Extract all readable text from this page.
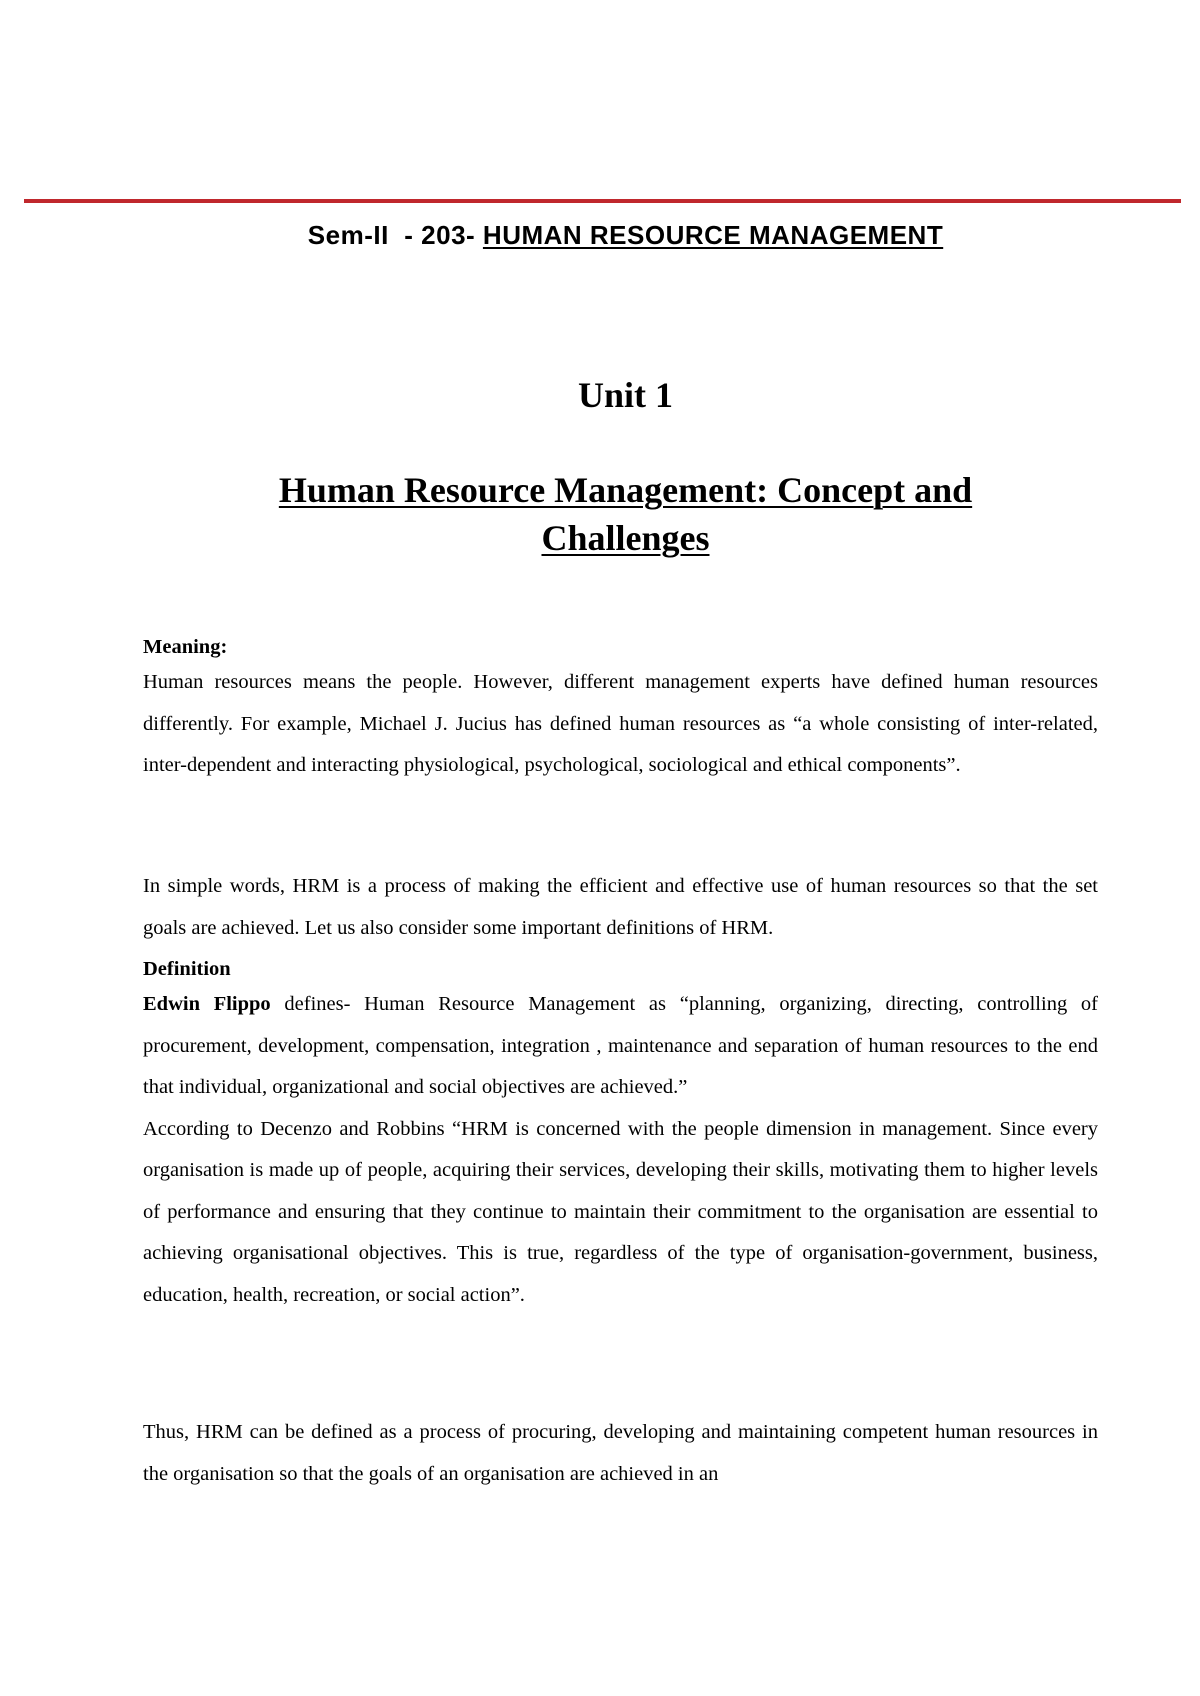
Sem-II  - 203- HUMAN RESOURCE MANAGEMENT
Unit 1
Human Resource Management: Concept and Challenges
Meaning:

Human resources means the people. However, different management experts have defined human resources differently. For example, Michael J. Jucius has defined human resources as “a whole consisting of inter-related, inter-dependent and interacting physiological, psychological, sociological and ethical components”.

In simple words, HRM is a process of making the efficient and effective use of human resources so that the set goals are achieved. Let us also consider some important definitions of HRM.

Definition

Edwin Flippo defines- Human Resource Management as “planning, organizing, directing, controlling of procurement, development, compensation, integration , maintenance and separation of human resources to the end that individual, organizational and social objectives are achieved.”

According to Decenzo and Robbins “HRM is concerned with the people dimension in management. Since every organisation is made up of people, acquiring their services, developing their skills, motivating them to higher levels of performance and ensuring that they continue to maintain their commitment to the organisation are essential to achieving organisational objectives. This is true, regardless of the type of organisation-government, business, education, health, recreation, or social action”.

Thus, HRM can be defined as a process of procuring, developing and maintaining competent human resources in the organisation so that the goals of an organisation are achieved in an
